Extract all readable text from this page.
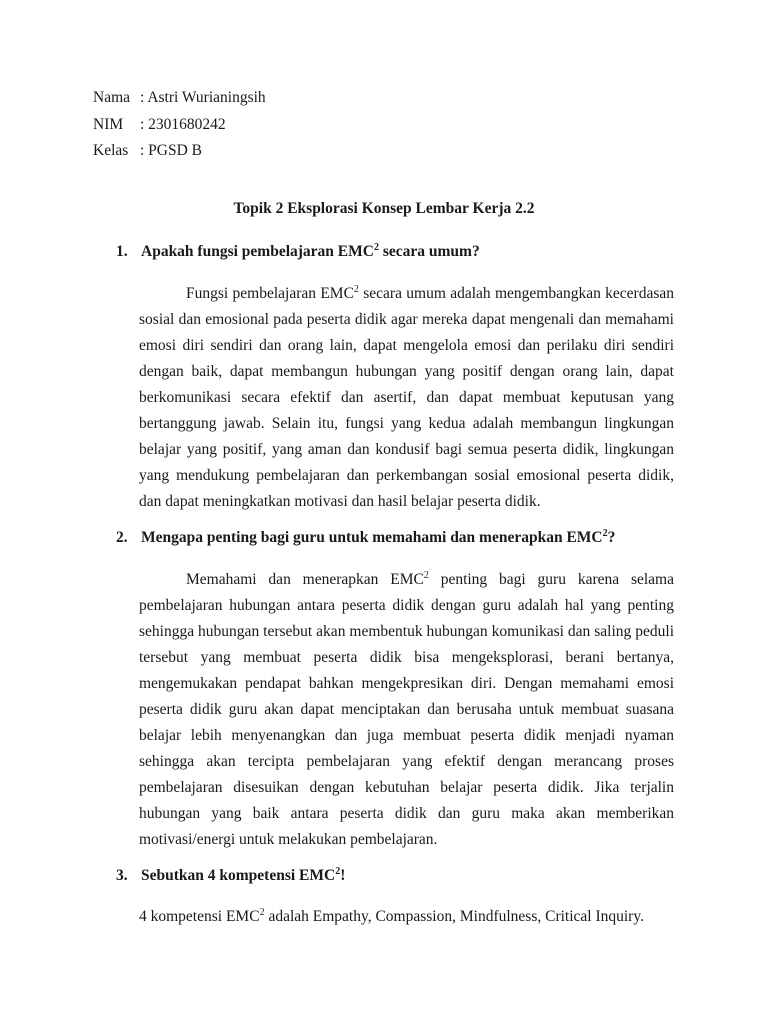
Nama : Astri Wurianingsih
NIM : 2301680242
Kelas : PGSD B
Topik 2 Eksplorasi Konsep Lembar Kerja 2.2
1. Apakah fungsi pembelajaran EMC$^2$ secara umum?

Fungsi pembelajaran EMC$^2$ secara umum adalah mengembangkan kecerdasan sosial dan emosional pada peserta didik agar mereka dapat mengenali dan memahami emosi diri sendiri dan orang lain, dapat mengelola emosi dan perilaku diri sendiri dengan baik, dapat membangun hubungan yang positif dengan orang lain, dapat berkomunikasi secara efektif dan asertif, dan dapat membuat keputusan yang bertanggung jawab. Selain itu, fungsi yang kedua adalah membangun lingkungan belajar yang positif, yang aman dan kondusif bagi semua peserta didik, lingkungan yang mendukung pembelajaran dan perkembangan sosial emosional peserta didik, dan dapat meningkatkan motivasi dan hasil belajar peserta didik.

2. Mengapa penting bagi guru untuk memahami dan menerapkan EMC$^2$?

Memahami dan menerapkan EMC$^2$ penting bagi guru karena selama pembelajaran hubungan antara peserta didik dengan guru adalah hal yang penting sehingga hubungan tersebut akan membentuk hubungan komunikasi dan saling peduli tersebut yang membuat peserta didik bisa mengeksplorasi, berani bertanya, mengemukakan pendapat bahkan mengekpresikan diri. Dengan memahami emosi peserta didik guru akan dapat menciptakan dan berusaha untuk membuat suasana belajar lebih menyenangkan dan juga membuat peserta didik menjadi nyaman sehingga akan tercipta pembelajaran yang efektif dengan merancang proses pembelajaran disesuikan dengan kebutuhan belajar peserta didik. Jika terjalin hubungan yang baik antara peserta didik dan guru maka akan memberikan motivasi/energi untuk melakukan pembelajaran.

3. Sebutkan 4 kompetensi EMC$^2$!

4 kompetensi EMC$^2$ adalah Empathy, Compassion, Mindfulness, Critical Inquiry.
